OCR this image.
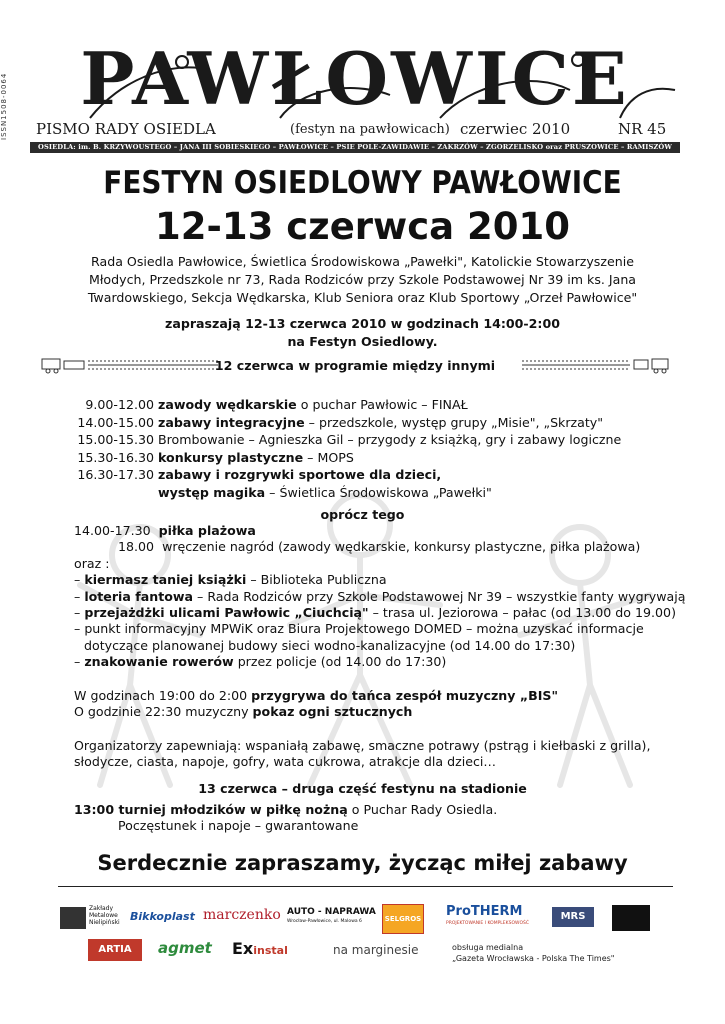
ISSN1508-0064	PAWŁOWICE
PISMO RADY OSIEDLA	(festyn na pawłowicach) czerwiec 2010	NR 45
OSIEDLA: im. B. KRZYWOUSTEGO – JANA III SOBIESKIEGO – PAWŁOWICE – PSIE POLE-ZAWIDAWIE – ZAKRZÓW – ZGORZELISKO oraz PRUSZOWICE – RAMISZÓW
FESTYN OSIEDLOWY PAWŁOWICE
12-13 czerwca 2010
Rada Osiedla Pawłowice, Świetlica Środowiskowa „Pawełki", Katolickie Stowarzyszenie Młodych, Przedszkole nr 73, Rada Rodziców przy Szkole Podstawowej Nr 39 im ks. Jana Twardowskiego, Sekcja Wędkarska, Klub Seniora oraz Klub Sportowy „Orzeł Pawłowice"
zapraszają 12-13 czerwca 2010 w godzinach 14:00-2:00
na Festyn Osiedlowy.
12 czerwca w programie między innymi
9.00-12.00 zawody wędkarskie o puchar Pawłowic – FINAŁ
14.00-15.00 zabawy integracyjne – przedszkole, występ grupy „Misie", „Skrzaty"
15.00-15.30 Brombowanie – Agnieszka Gil – przygody z książką, gry i zabawy logiczne
15.30-16.30 konkursy plastyczne – MOPS
16.30-17.30 zabawy i rozgrywki sportowe dla dzieci,
występ magika – Świetlica Środowiskowa „Pawełki"
oprócz tego
14.00-17.30 piłka plażowa
18.00 wręczenie nagród (zawody wędkarskie, konkursy plastyczne, piłka plażowa)
oraz :
– kiermasz taniej książki – Biblioteka Publiczna
– loteria fantowa – Rada Rodziców przy Szkole Podstawowej Nr 39 – wszystkie fanty wygrywają
– przejażdżki ulicami Pawłowic „Ciuchcią" – trasa ul. Jeziorowa – pałac (od 13.00 do 19.00)
– punkt informacyjny MPWiK oraz Biura Projektowego DOMED – można uzyskać informacje
dotyczące planowanej budowy sieci wodno-kanalizacyjne (od 14.00 do 17:30)
– znakowanie rowerów przez policje (od 14.00 do 17:30)
W godzinach 19:00 do 2:00 przygrywa do tańca zespół muzyczny „BIS"
O godzinie 22:30 muzyczny pokaz ogni sztucznych
Organizatorzy zapewniają: wspaniałą zabawę, smaczne potrawy (pstrąg i kiełbaski z grilla),
słodycze, ciasta, napoje, gofry, wata cukrowa, atrakcje dla dzieci…
13 czerwca – druga część festynu na stadionie
13:00 turniej młodzików w piłkę nożną o Puchar Rady Osiedla.
Poczęstunek i napoje – gwarantowane
Serdecznie zapraszamy, życząc miłej zabawy
Zakłady Metalowe Nielipiński Bikkoplast marczenko AUTO - NAPRAWA
Wrocław-Pawłowice, ul. Malowa 6	SELGROS ProTHERM
PROJEKTOWANIE I KOMPLEKSOWOŚĆ
MRS
ARTIA	agmet Exinstal	na marginesie	obsługa medialna
„Gazeta Wrocławska - Polska The Times"
